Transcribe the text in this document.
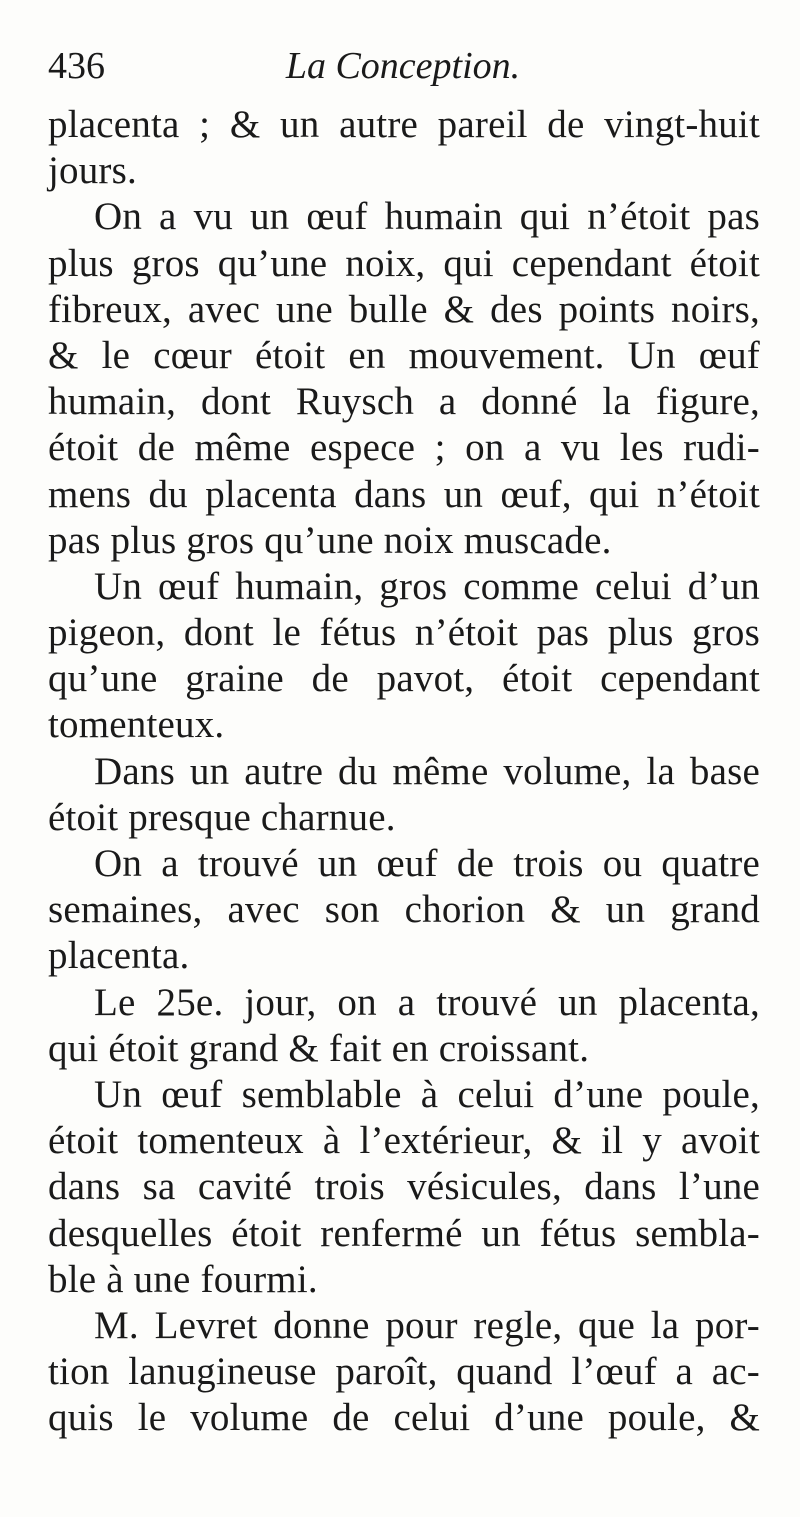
436	La Conception.
placenta ; & un autre pareil de vingt-huit
jours.
On a vu un œuf humain qui n’étoit pas
plus gros qu’une noix, qui cependant étoit
fibreux, avec une bulle & des points noirs,
& le cœur étoit en mouvement. Un œuf
humain, dont Ruysch a donné la figure,
étoit de même espece ; on a vu les rudi-
mens du placenta dans un œuf, qui n’étoit
pas plus gros qu’une noix muscade.
Un œuf humain, gros comme celui d’un
pigeon, dont le fétus n’étoit pas plus gros
qu’une graine de pavot, étoit cependant
tomenteux.
Dans un autre du même volume, la base
étoit presque charnue.
On a trouvé un œuf de trois ou quatre
semaines, avec son chorion & un grand
placenta.
Le 25e. jour, on a trouvé un placenta,
qui étoit grand & fait en croissant.
Un œuf semblable à celui d’une poule,
étoit tomenteux à l’extérieur, & il y avoit
dans sa cavité trois vésicules, dans l’une
desquelles étoit renfermé un fétus sembla-
ble à une fourmi.
M. Levret donne pour regle, que la por-
tion lanugineuse paroît, quand l’œuf a ac-
quis le volume de celui d’une poule, &
